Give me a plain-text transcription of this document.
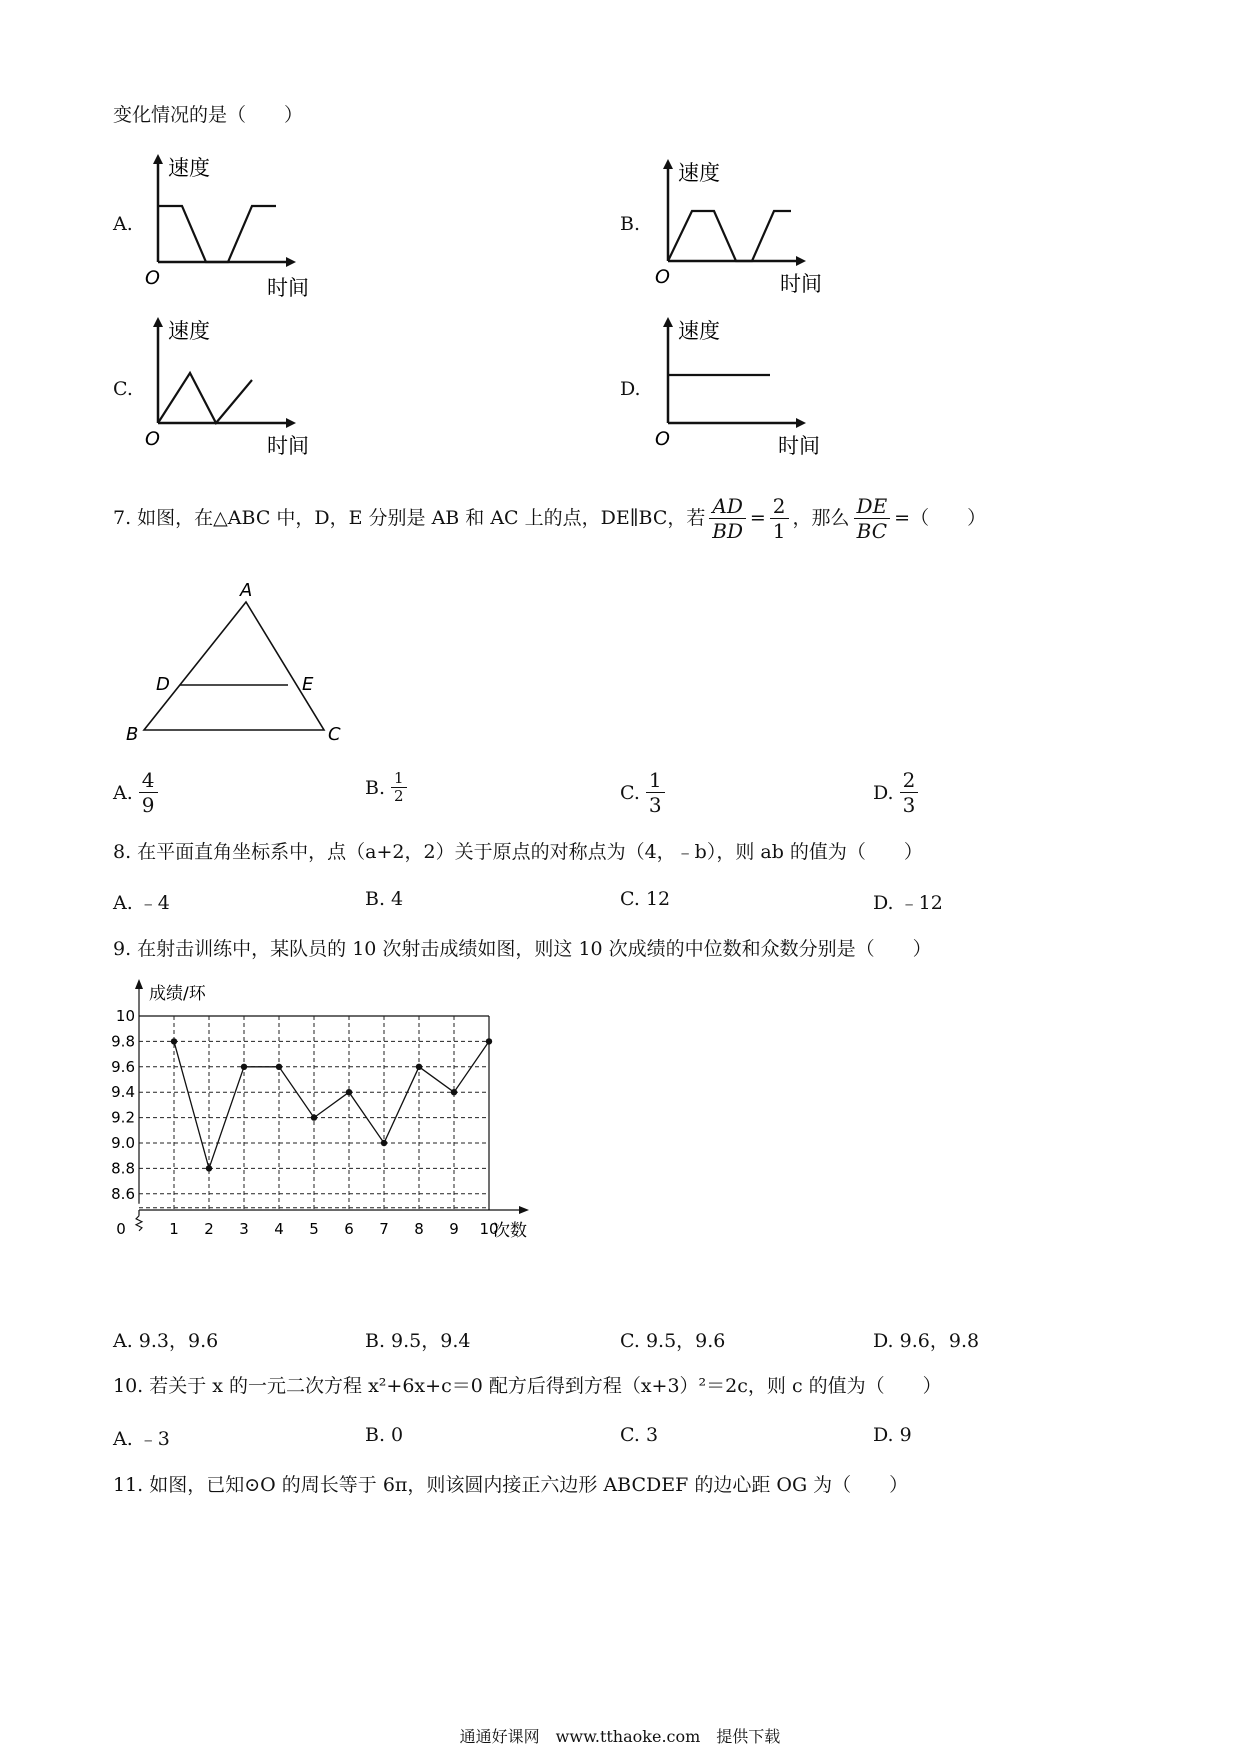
变化情况的是（　　）
A.	B.
C.	D.
速度
O	时间
速度
O	时间
速度
O	时间
速度
O	时间
7. 如图，在△ABC 中，D，E 分别是 AB 和 AC 上的点，DE∥BC，若 $\frac{AD}{BD} = \frac{2}{1}$ ，那么 $\frac{DE}{BC}$ =（　　）
A
B	C
D	E
A. $\frac{4}{9}$	B. $\frac{1}{2}$	C. $\frac{1}{3}$	D. $\frac{2}{3}$
8. 在平面直角坐标系中，点（a+2，2）关于原点的对称点为（4，﹣b），则 ab 的值为（　　）
A. ﹣4	B. 4	C. 12	D. ﹣12
9. 在射击训练中，某队员的 10 次射击成绩如图，则这 10 次成绩的中位数和众数分别是（　　）
8.6
8.8
9.0
9.2
9.4
9.6
9.8
10
0	1 2 3 4 5 6 7 8 9 10
成绩/环
次数
A. 9.3，9.6	B. 9.5，9.4	C. 9.5，9.6	D. 9.6，9.8
10. 若关于 x 的一元二次方程 x²+6x+c＝0 配方后得到方程（x+3）²＝2c，则 c 的值为（　　）
A. ﹣3	B. 0	C. 3	D. 9
11. 如图，已知⊙O 的周长等于 6π，则该圆内接正六边形 ABCDEF 的边心距 OG 为（　　）
通通好课网　www.tthaoke.com　提供下载
